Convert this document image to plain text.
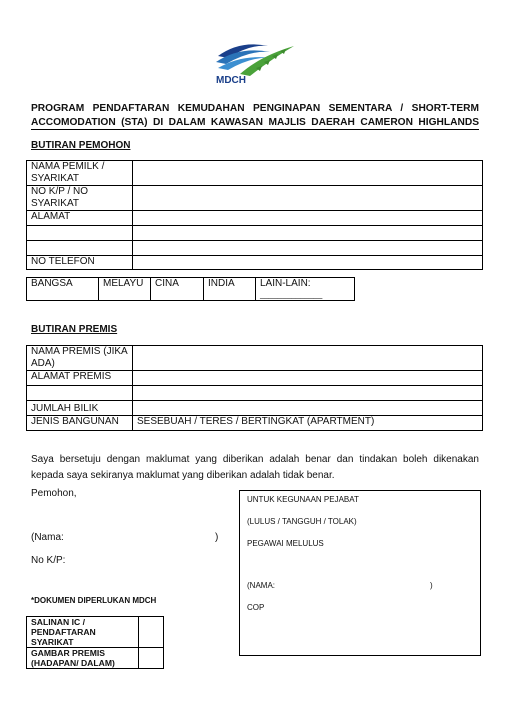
MDCH
PROGRAM PENDAFTARAN KEMUDAHAN PENGINAPAN SEMENTARA / SHORT-TERM ACCOMODATION (STA) DI DALAM KAWASAN MAJLIS DAERAH CAMERON HIGHLANDS
BUTIRAN PEMOHON
NAMA PEMILK / SYARIKAT	
NO K/P / NO SYARIKAT	
ALAMAT	

NO TELEFON	
BANGSA	MELAYU	CINA	INDIA	LAIN-LAIN:
______________
BUTIRAN PREMIS
NAMA PREMIS (JIKA ADA)	
ALAMAT PREMIS	

JUMLAH BILIK	
JENIS BANGUNAN	SESEBUAH / TERES / BERTINGKAT (APARTMENT)
Saya bersetuju dengan maklumat yang diberikan adalah benar dan tindakan boleh dikenakan kepada saya sekiranya maklumat yang diberikan adalah tidak benar.
Pemohon,
(Nama:	)
No K/P:
*DOKUMEN DIPERLUKAN MDCH
SALINAN IC / PENDAFTARAN SYARIKAT	
GAMBAR PREMIS (HADAPAN/ DALAM)	
UNTUK KEGUNAAN PEJABAT
(LULUS / TANGGUH / TOLAK)
PEGAWAI MELULUS
(NAMA:	)
COP
